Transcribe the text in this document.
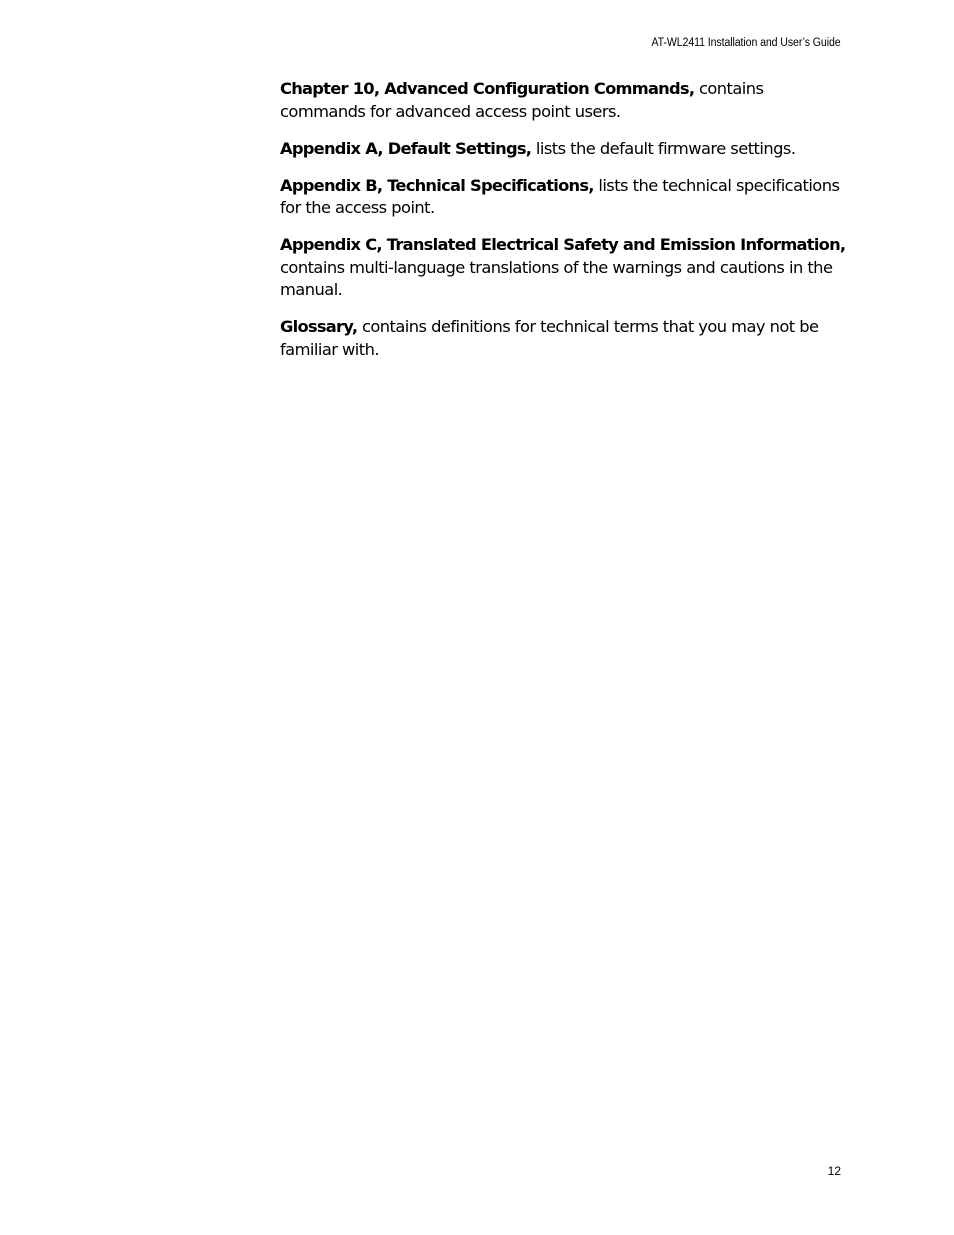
AT-WL2411 Installation and User’s Guide

Chapter 10, Advanced Configuration Commands, contains commands for advanced access point users.

Appendix A, Default Settings, lists the default firmware settings.

Appendix B, Technical Specifications, lists the technical specifications for the access point.

Appendix C, Translated Electrical Safety and Emission Information, contains multi-language translations of the warnings and cautions in the manual.

Glossary, contains definitions for technical terms that you may not be familiar with.

12
